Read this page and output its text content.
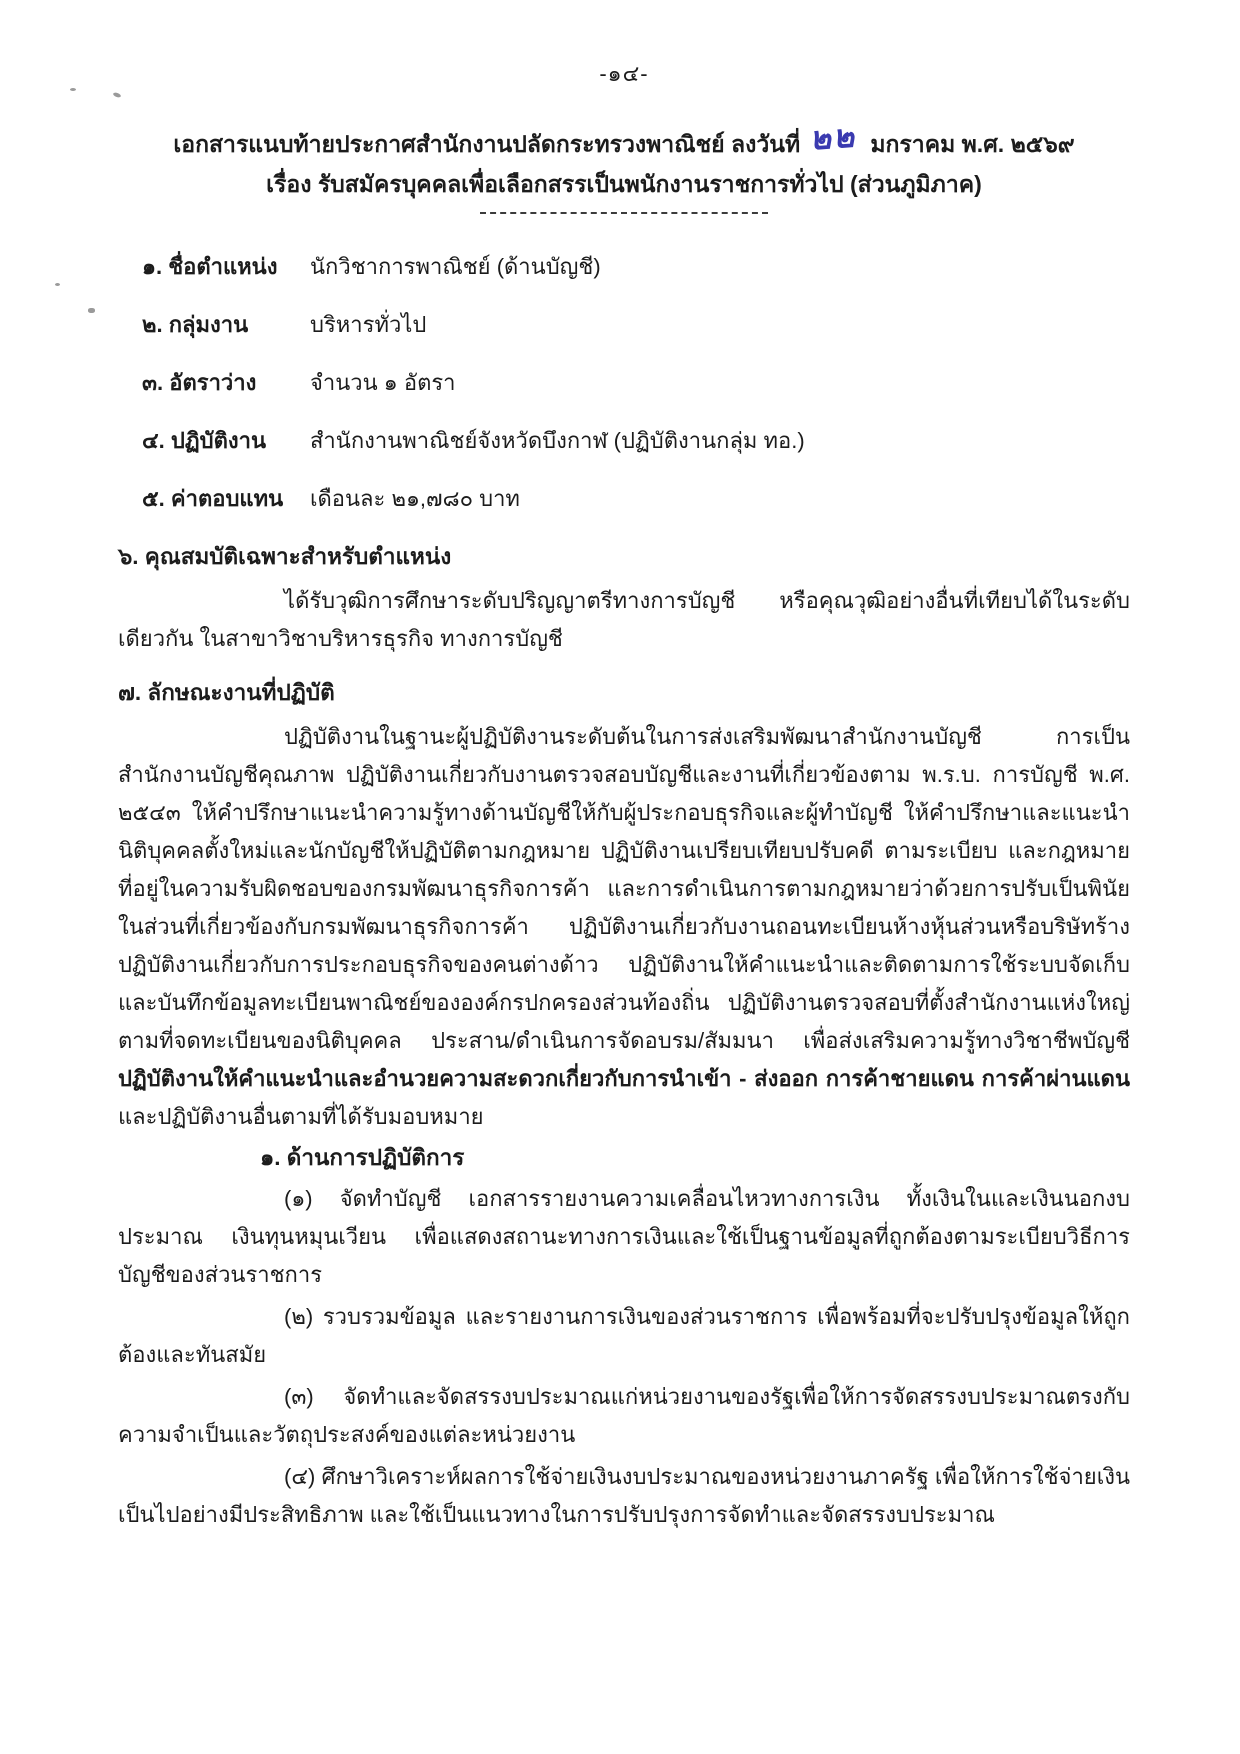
-๑๔-
เอกสารแนบท้ายประกาศสำนักงานปลัดกระทรวงพาณิชย์ ลงวันที่ ๒๒ มกราคม พ.ศ. ๒๕๖๙
เรื่อง รับสมัครบุคคลเพื่อเลือกสรรเป็นพนักงานราชการทั่วไป (ส่วนภูมิภาค)
๑. ชื่อตำแหน่ง	นักวิชาการพาณิชย์ (ด้านบัญชี)
๒. กลุ่มงาน	บริหารทั่วไป
๓. อัตราว่าง	จำนวน ๑ อัตรา
๔. ปฏิบัติงาน	สำนักงานพาณิชย์จังหวัดบึงกาฬ (ปฏิบัติงานกลุ่ม ทอ.)
๕. ค่าตอบแทน	เดือนละ ๒๑,๗๘๐ บาท
๖. คุณสมบัติเฉพาะสำหรับตำแหน่ง

ได้รับวุฒิการศึกษาระดับปริญญาตรีทางการบัญชี หรือคุณวุฒิอย่างอื่นที่เทียบได้ในระดับเดียวกัน ในสาขาวิชาบริหารธุรกิจ ทางการบัญชี

๗. ลักษณะงานที่ปฏิบัติ

ปฏิบัติงานในฐานะผู้ปฏิบัติงานระดับต้นในการส่งเสริมพัฒนาสำนักงานบัญชี การเป็นสำนักงานบัญชีคุณภาพ ปฏิบัติงานเกี่ยวกับงานตรวจสอบบัญชีและงานที่เกี่ยวข้องตาม พ.ร.บ. การบัญชี พ.ศ. ๒๕๔๓ ให้คำปรึกษาแนะนำความรู้ทางด้านบัญชีให้กับผู้ประกอบธุรกิจและผู้ทำบัญชี ให้คำปรึกษาและแนะนำนิติบุคคลตั้งใหม่และนักบัญชีให้ปฏิบัติตามกฎหมาย ปฏิบัติงานเปรียบเทียบปรับคดี ตามระเบียบ และกฎหมายที่อยู่ในความรับผิดชอบของกรมพัฒนาธุรกิจการค้า และการดำเนินการตามกฎหมายว่าด้วยการปรับเป็นพินัยในส่วนที่เกี่ยวข้องกับกรมพัฒนาธุรกิจการค้า ปฏิบัติงานเกี่ยวกับงานถอนทะเบียนห้างหุ้นส่วนหรือบริษัทร้าง ปฏิบัติงานเกี่ยวกับการประกอบธุรกิจของคนต่างด้าว ปฏิบัติงานให้คำแนะนำและติดตามการใช้ระบบจัดเก็บและบันทึกข้อมูลทะเบียนพาณิชย์ขององค์กรปกครองส่วนท้องถิ่น ปฏิบัติงานตรวจสอบที่ตั้งสำนักงานแห่งใหญ่ตามที่จดทะเบียนของนิติบุคคล ประสาน/ดำเนินการจัดอบรม/สัมมนา เพื่อส่งเสริมความรู้ทางวิชาชีพบัญชี ปฏิบัติงานให้คำแนะนำและอำนวยความสะดวกเกี่ยวกับการนำเข้า - ส่งออก การค้าชายแดน การค้าผ่านแดน และปฏิบัติงานอื่นตามที่ได้รับมอบหมาย

๑. ด้านการปฏิบัติการ

(๑) จัดทำบัญชี เอกสารรายงานความเคลื่อนไหวทางการเงิน ทั้งเงินในและเงินนอกงบประมาณ เงินทุนหมุนเวียน เพื่อแสดงสถานะทางการเงินและใช้เป็นฐานข้อมูลที่ถูกต้องตามระเบียบวิธีการบัญชีของส่วนราชการ

(๒) รวบรวมข้อมูล และรายงานการเงินของส่วนราชการ เพื่อพร้อมที่จะปรับปรุงข้อมูลให้ถูกต้องและทันสมัย

(๓) จัดทำและจัดสรรงบประมาณแก่หน่วยงานของรัฐเพื่อให้การจัดสรรงบประมาณตรงกับความจำเป็นและวัตถุประสงค์ของแต่ละหน่วยงาน

(๔) ศึกษาวิเคราะห์ผลการใช้จ่ายเงินงบประมาณของหน่วยงานภาครัฐ เพื่อให้การใช้จ่ายเงินเป็นไปอย่างมีประสิทธิภาพ และใช้เป็นแนวทางในการปรับปรุงการจัดทำและจัดสรรงบประมาณ
